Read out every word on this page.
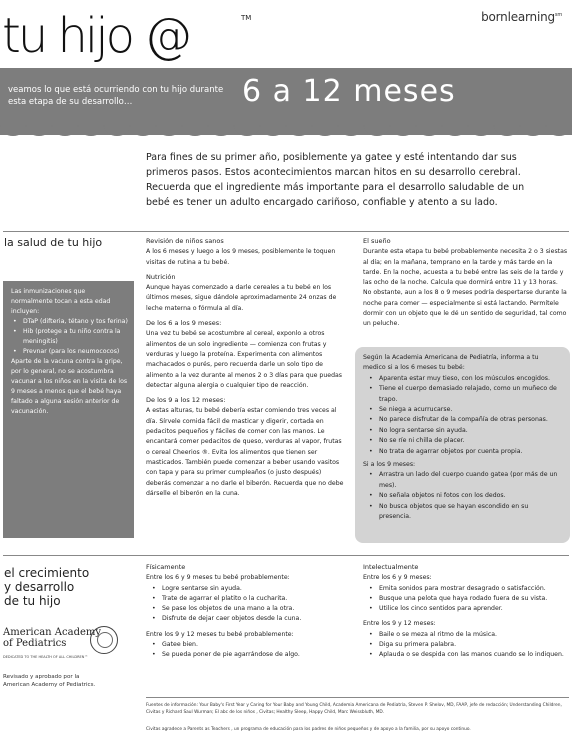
bornlearning$^{sm}$
tu hijo @	TM
veamos lo que está ocurriendo con tu hijo durante esta etapa de su desarrollo…	6 a 12 meses
Para fines de su primer año, posiblemente ya gatee y esté intentando dar sus primeros pasos. Estos acontecimientos marcan hitos en su desarrollo cerebral. Recuerda que el ingrediente más importante para el desarrollo saludable de un bebé es tener un adulto encargado cariñoso, confiable y atento a su lado.
la salud de tu hijo
Las inmunizaciones que normalmente tocan a esta edad incluyen:
• DTaP (difteria, tétano y tos ferina)
• Hib (protege a tu niño contra la meningitis)
• Prevnar (para los neumococos)
Aparte de la vacuna contra la gripe, por lo general, no se acostumbra vacunar a los niños en la visita de los 9 meses a menos que el bebé haya faltado a alguna sesión anterior de vacunación.

Revisión de niños sanos
A los 6 meses y luego a los 9 meses, posiblemente le toquen visitas de rutina a tu bebé.

Nutrición
Aunque hayas comenzado a darle cereales a tu bebé en los últimos meses, sigue dándole aproximadamente 24 onzas de leche materna o fórmula al día.

De los 6 a los 9 meses:
Una vez tu bebé se acostumbre al cereal, exponlo a otros alimentos de un solo ingrediente — comienza con frutas y verduras y luego la proteína. Experimenta con alimentos machacados o purés, pero recuerda darle un solo tipo de alimento a la vez durante al menos 2 o 3 días para que puedas detectar alguna alergia o cualquier tipo de reacción.

De los 9 a los 12 meses:
A estas alturas, tu bebé debería estar comiendo tres veces al día. Sírvele comida fácil de masticar y digerir, cortada en pedacitos pequeños y fáciles de comer con las manos. Le encantará comer pedacitos de queso, verduras al vapor, frutas o cereal Cheerios ®. Evita los alimentos que tienen ser masticados. También puede comenzar a beber usando vasitos con tapa y para su primer cumpleaños (o justo después) deberás comenzar a no darle el biberón. Recuerda que no debe dárselle el biberón en la cuna.

El sueño
Durante esta etapa tu bebé probablemente necesita 2 o 3 siestas al día; en la mañana, temprano en la tarde y más tarde en la tarde. En la noche, acuesta a tu bebé entre las seis de la tarde y las ocho de la noche. Calcula que dormirá entre 11 y 13 horas. No obstante, aun a los 8 o 9 meses podría despertarse durante la noche para comer — especialmente si está lactando. Permítele dormir con un objeto que le dé un sentido de seguridad, tal como un peluche.
Según la Academia Americana de Pediatría, informa a tu medico si a los 6 meses tu bebé:
• Aparenta estar muy tieso, con los músculos encogidos.
• Tiene el cuerpo demasiado relajado, como un muñeco de trapo.
• Se niega a acurrucarse.
• No parece disfrutar de la compañía de otras personas.
• No logra sentarse sin ayuda.
• No se ríe ni chilla de placer.
• No trata de agarrar objetos por cuenta propia.
Si a los 9 meses:
• Arrastra un lado del cuerpo cuando gatea (por más de un mes).
• No señala objetos ni fotos con los dedos.
• No busca objetos que se hayan escondido en su presencia.
el crecimiento
y desarrollo
de tu hijo
American Academy
of Pediatrics
DEDICATED TO THE HEALTH OF ALL CHILDREN™
Revisado y aprobado por la
American Academy of Pediatrics.
Físicamente
Entre los 6 y 9 meses tu bebé probablemente:
• Logre sentarse sin ayuda.
• Trate de agarrar el platito o la cucharita.
• Se pase los objetos de una mano a la otra.
• Disfrute de dejar caer objetos desde la cuna.
Entre los 9 y 12 meses tu bebé probablemente:
• Gatee bien.
• Se pueda poner de pie agarrándose de algo.
Intelectualmente
Entre los 6 y 9 meses:
• Emita sonidos para mostrar desagrado o satisfacción.
• Busque una pelota que haya rodado fuera de su vista.
• Utilice los cinco sentidos para aprender.
Entre los 9 y 12 meses:
• Baile o se meza al ritmo de la música.
• Diga su primera palabra.
• Aplauda o se despida con las manos cuando se lo indiquen.
Fuentes de información: Your Baby's First Year y Caring for Your Baby and Young Child, Academia Americana de Pediatría, Steven P. Shelov, MD, FAAP, jefe de redacción; Understanding Children, Civitas y Richard Saul Wurman; El abc de los niños , Civitas; Healthy Sleep, Happy Child, Marc Weissbluth, MD.
Civitas agradece a Parents as Teachers , un programa de educación para los padres de niños pequeños y de apoyo a la familia, por su apoyo continuo.
